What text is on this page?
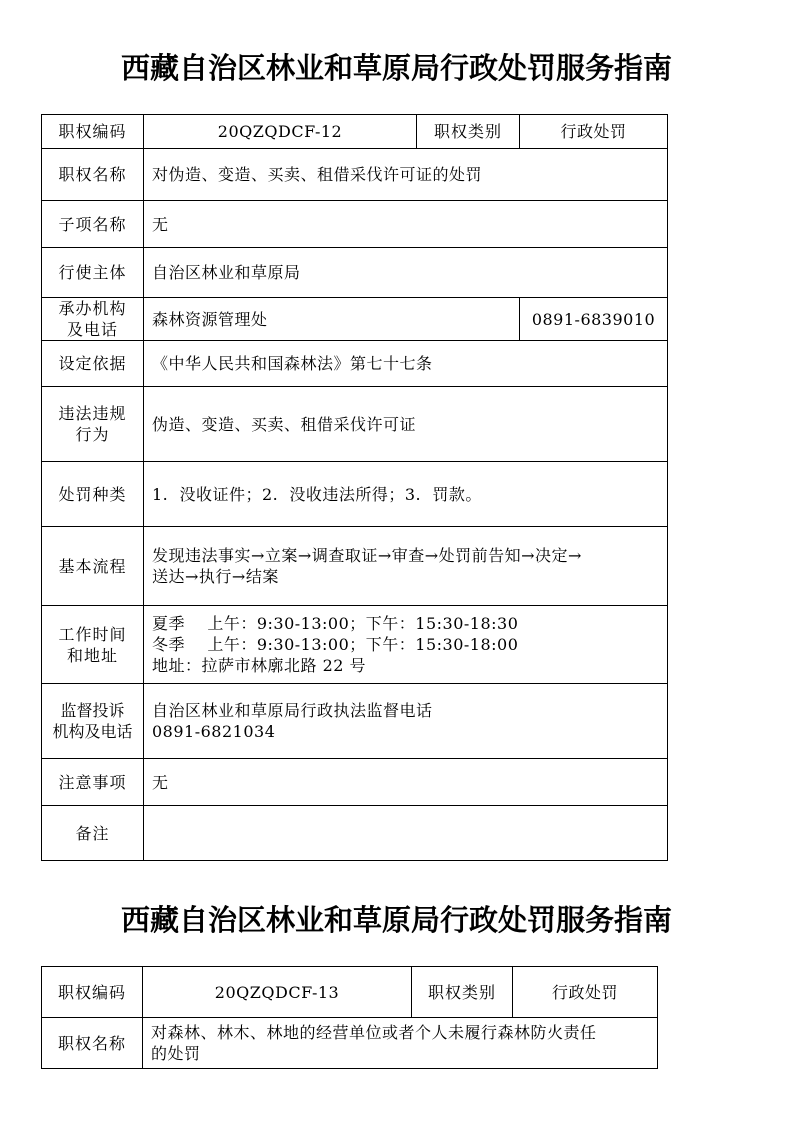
西藏自治区林业和草原局行政处罚服务指南
职权编码	20QZQDCF-12	职权类别	行政处罚
职权名称	对伪造、变造、买卖、租借采伐许可证的处罚		
子项名称	无		
行使主体	自治区林业和草原局		

承办机构
及电话	森林资源管理处		0891-6839010
设定依据	《中华人民共和国森林法》第七十七条		

违法违规
行为	伪造、变造、买卖、租借采伐许可证		
处罚种类	1.  没收证件；2.  没收违法所得；3.  罚款。		
基本流程	发现违法事实→立案→调查取证→审查→处罚前告知→决定→
送达→执行→结案		

工作时间
和地址	夏季    上午：9:30-13:00；下午：15:30-18:30
冬季    上午：9:30-13:00；下午：15:30-18:00
地址：拉萨市林廓北路 22 号		

监督投诉
机构及电话	自治区林业和草原局行政执法监督电话
0891-6821034		

注意事项	无		
备注			
西藏自治区林业和草原局行政处罚服务指南
职权编码	20QZQDCF-13	职权类别	行政处罚
职权名称	对森林、林木、林地的经营单位或者个人未履行森林防火责任
的处罚		
